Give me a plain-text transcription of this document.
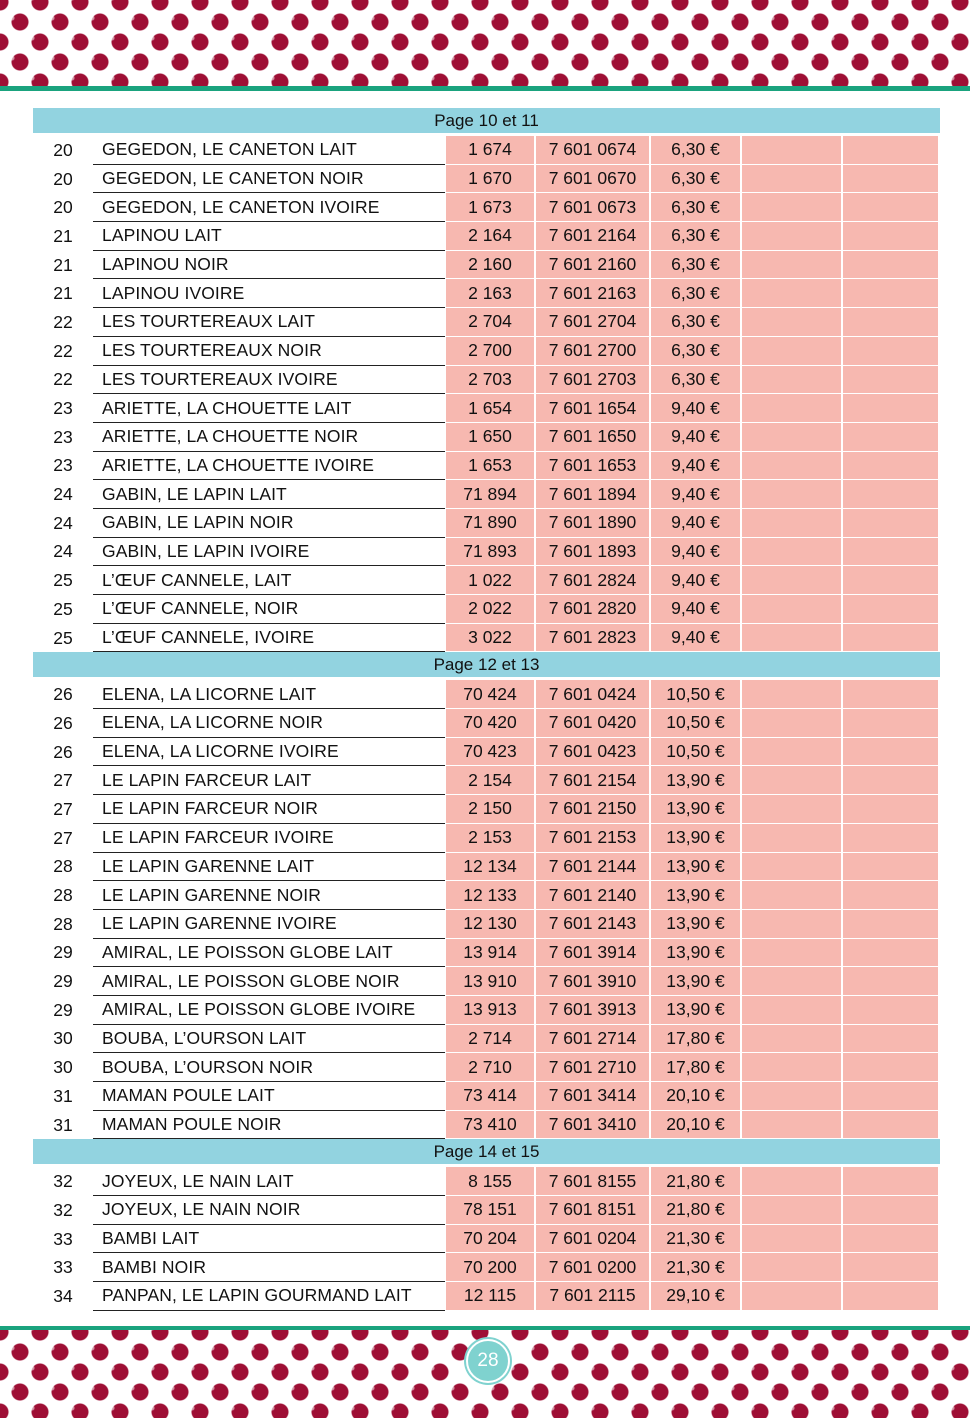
Page 10 et 11
20	GEGEDON, LE CANETON LAIT	1 674	7 601 0674	6,30 €
20	GEGEDON, LE CANETON NOIR	1 670	7 601 0670	6,30 €
20	GEGEDON, LE CANETON IVOIRE	1 673	7 601 0673	6,30 €
21	LAPINOU LAIT	2 164	7 601 2164	6,30 €
21	LAPINOU NOIR	2 160	7 601 2160	6,30 €
21	LAPINOU IVOIRE	2 163	7 601 2163	6,30 €
22	LES TOURTEREAUX LAIT	2 704	7 601 2704	6,30 €
22	LES TOURTEREAUX NOIR	2 700	7 601 2700	6,30 €
22	LES TOURTEREAUX IVOIRE	2 703	7 601 2703	6,30 €
23	ARIETTE, LA CHOUETTE LAIT	1 654	7 601 1654	9,40 €
23	ARIETTE, LA CHOUETTE NOIR	1 650	7 601 1650	9,40 €
23	ARIETTE, LA CHOUETTE IVOIRE	1 653	7 601 1653	9,40 €
24	GABIN, LE LAPIN LAIT	71 894	7 601 1894	9,40 €
24	GABIN, LE LAPIN NOIR	71 890	7 601 1890	9,40 €
24	GABIN, LE LAPIN IVOIRE	71 893	7 601 1893	9,40 €
25	L’ŒUF CANNELE, LAIT	1 022	7 601 2824	9,40 €
25	L’ŒUF CANNELE, NOIR	2 022	7 601 2820	9,40 €
25	L’ŒUF CANNELE, IVOIRE	3 022	7 601 2823	9,40 €
Page 12 et 13
26	ELENA, LA LICORNE LAIT	70 424	7 601 0424	10,50 €
26	ELENA, LA LICORNE NOIR	70 420	7 601 0420	10,50 €
26	ELENA, LA LICORNE IVOIRE	70 423	7 601 0423	10,50 €
27	LE LAPIN FARCEUR LAIT	2 154	7 601 2154	13,90 €
27	LE LAPIN FARCEUR NOIR	2 150	7 601 2150	13,90 €
27	LE LAPIN FARCEUR IVOIRE	2 153	7 601 2153	13,90 €
28	LE LAPIN GARENNE LAIT	12 134	7 601 2144	13,90 €
28	LE LAPIN GARENNE NOIR	12 133	7 601 2140	13,90 €
28	LE LAPIN GARENNE IVOIRE	12 130	7 601 2143	13,90 €
29	AMIRAL, LE POISSON GLOBE LAIT	13 914	7 601 3914	13,90 €
29	AMIRAL, LE POISSON GLOBE NOIR	13 910	7 601 3910	13,90 €
29	AMIRAL, LE POISSON GLOBE IVOIRE	13 913	7 601 3913	13,90 €
30	BOUBA, L’OURSON LAIT	2 714	7 601 2714	17,80 €
30	BOUBA, L’OURSON NOIR	2 710	7 601 2710	17,80 €
31	MAMAN POULE LAIT	73 414	7 601 3414	20,10 €
31	MAMAN POULE NOIR	73 410	7 601 3410	20,10 €
Page 14 et 15
32	JOYEUX, LE NAIN LAIT	8 155	7 601 8155	21,80 €
32	JOYEUX, LE NAIN NOIR	78 151	7 601 8151	21,80 €
33	BAMBI LAIT	70 204	7 601 0204	21,30 €
33	BAMBI NOIR	70 200	7 601 0200	21,30 €
34	PANPAN, LE LAPIN GOURMAND LAIT	12 115	7 601 2115	29,10 €
28
